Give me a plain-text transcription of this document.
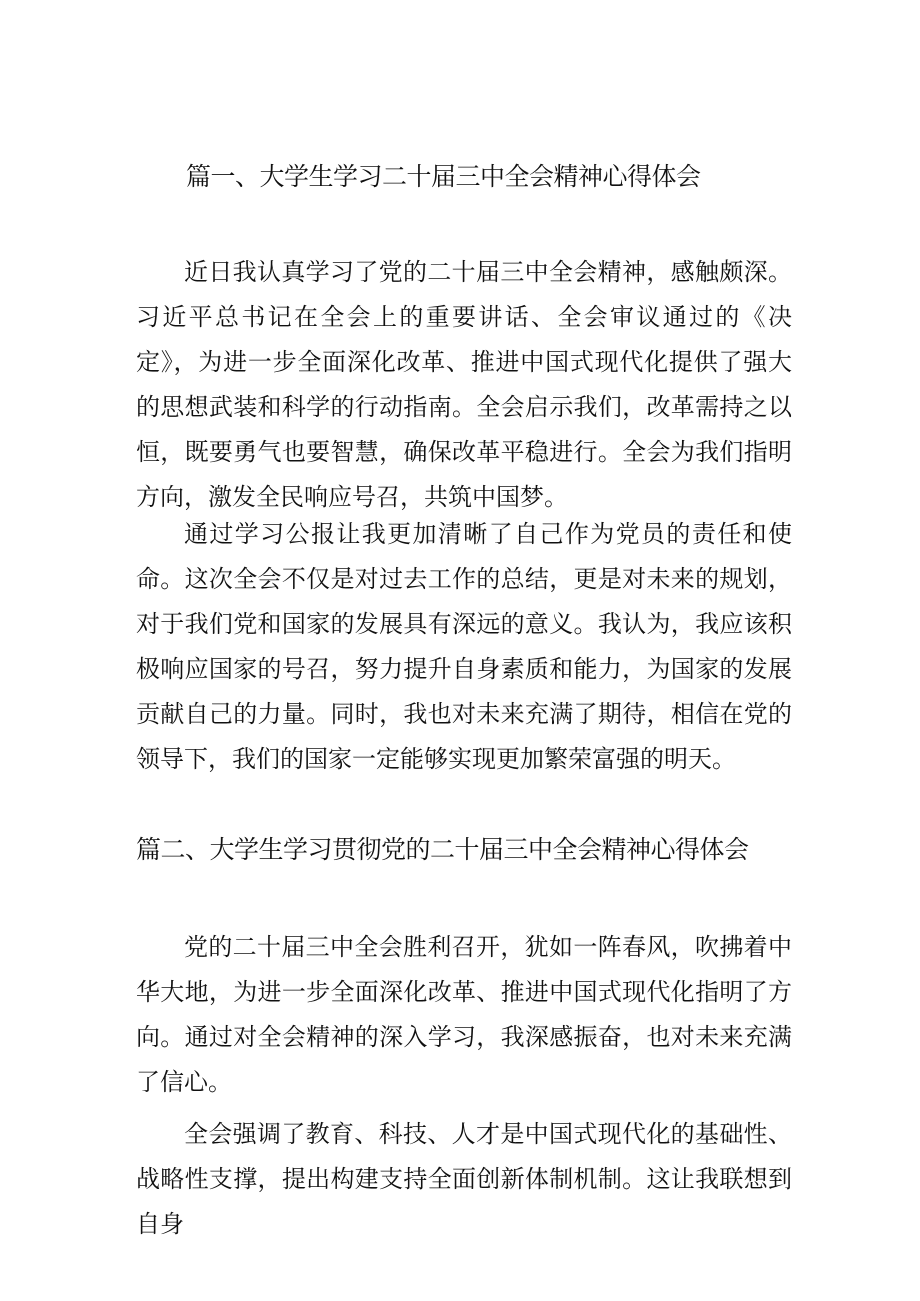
篇一、大学生学习二十届三中全会精神心得体会

近日我认真学习了党的二十届三中全会精神，感触颇深。习近平总书记在全会上的重要讲话、全会审议通过的《决定》，为进一步全面深化改革、推进中国式现代化提供了强大的思想武装和科学的行动指南。全会启示我们，改革需持之以恒，既要勇气也要智慧，确保改革平稳进行。全会为我们指明方向，激发全民响应号召，共筑中国梦。

通过学习公报让我更加清晰了自己作为党员的责任和使命。这次全会不仅是对过去工作的总结，更是对未来的规划，对于我们党和国家的发展具有深远的意义。我认为，我应该积极响应国家的号召，努力提升自身素质和能力，为国家的发展贡献自己的力量。同时，我也对未来充满了期待，相信在党的领导下，我们的国家一定能够实现更加繁荣富强的明天。

篇二、大学生学习贯彻党的二十届三中全会精神心得体会

党的二十届三中全会胜利召开，犹如一阵春风，吹拂着中华大地，为进一步全面深化改革、推进中国式现代化指明了方向。通过对全会精神的深入学习，我深感振奋，也对未来充满了信心。

全会强调了教育、科技、人才是中国式现代化的基础性、战略性支撑，提出构建支持全面创新体制机制。这让我联想到自身
